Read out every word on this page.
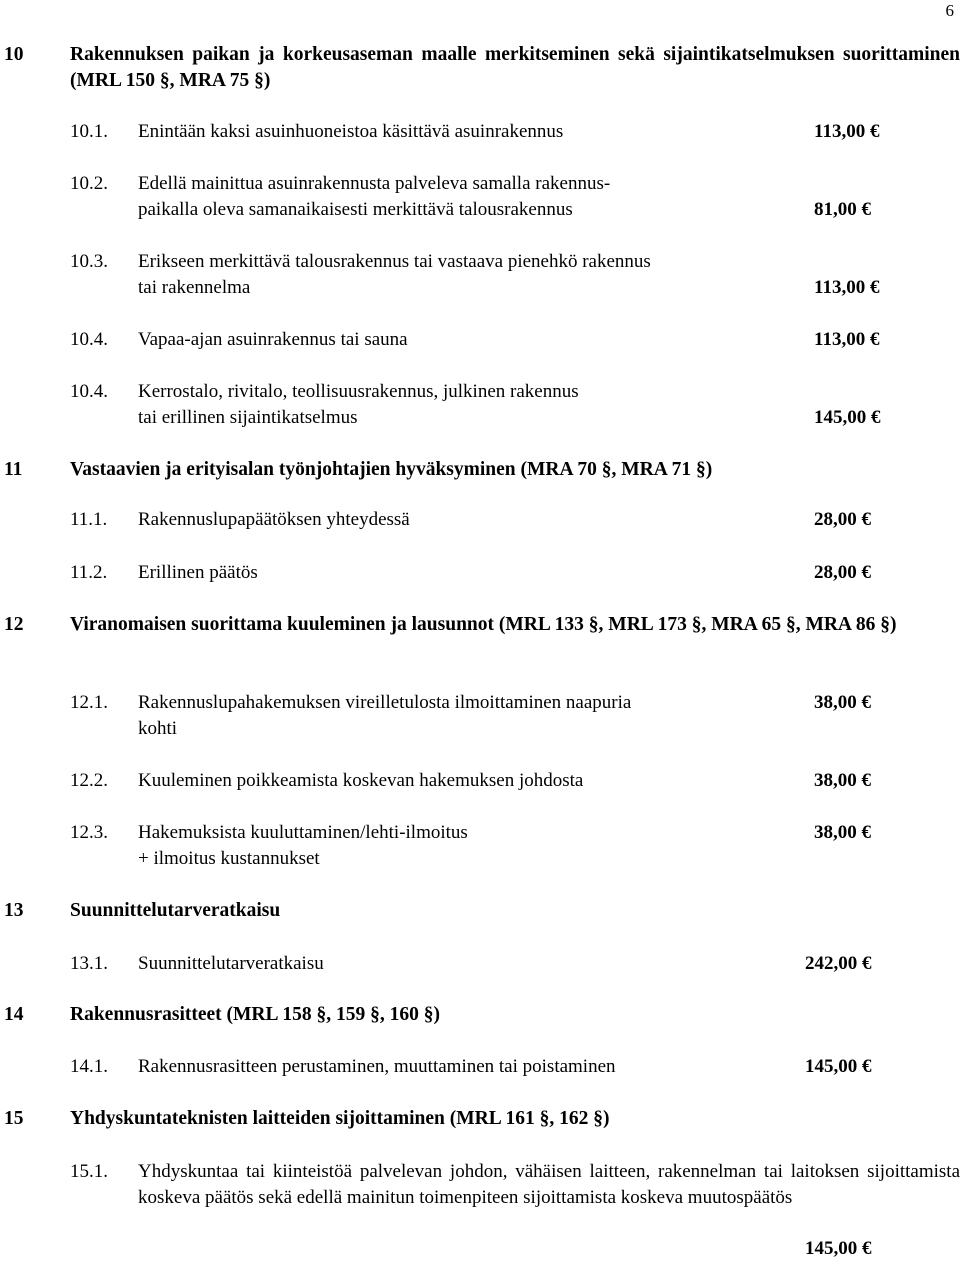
6
10 Rakennuksen paikan ja korkeusaseman maalle merkitseminen sekä sijaintikatselmuksen suorittaminen (MRL 150 §, MRA 75 §)
10.1. Enintään kaksi asuinhuoneistoa käsittävä asuinrakennus	113,00 €
10.2. Edellä mainittua asuinrakennusta palveleva samalla rakennus-
paikalla oleva samanaikaisesti merkittävä talousrakennus	81,00 €
10.3. Erikseen merkittävä talousrakennus tai vastaava pienehkö rakennus
tai rakennelma	113,00 €
10.4. Vapaa-ajan asuinrakennus tai sauna	113,00 €
10.4. Kerrostalo, rivitalo, teollisuusrakennus, julkinen rakennus
tai erillinen sijaintikatselmus	145,00 €
11 Vastaavien ja erityisalan työnjohtajien hyväksyminen (MRA 70 §, MRA 71 §)
11.1. Rakennuslupapäätöksen yhteydessä	28,00 €
11.2. Erillinen päätös	28,00 €
12 Viranomaisen suorittama kuuleminen ja lausunnot (MRL 133 §, MRL 173 §, MRA 65 §, MRA 86 §)
12.1. Rakennuslupahakemuksen vireilletulosta ilmoittaminen naapuria
kohti
38,00 €
12.2. Kuuleminen poikkeamista koskevan hakemuksen johdosta	38,00 €
12.3. Hakemuksista kuuluttaminen/lehti-ilmoitus
+ ilmoitus kustannukset
38,00 €
13 Suunnittelutarveratkaisu
13.1. Suunnittelutarveratkaisu	242,00 €
14 Rakennusrasitteet (MRL 158 §, 159 §, 160 §)
14.1. Rakennusrasitteen perustaminen, muuttaminen tai poistaminen	145,00 €
15 Yhdyskuntateknisten laitteiden sijoittaminen (MRL 161 §, 162 §)
15.1. Yhdyskuntaa tai kiinteistöä palvelevan johdon, vähäisen laitteen, rakennelman tai laitoksen sijoittamista koskeva päätös sekä edellä mainitun toimenpiteen sijoittamista koskeva muutospäätös
145,00 €
